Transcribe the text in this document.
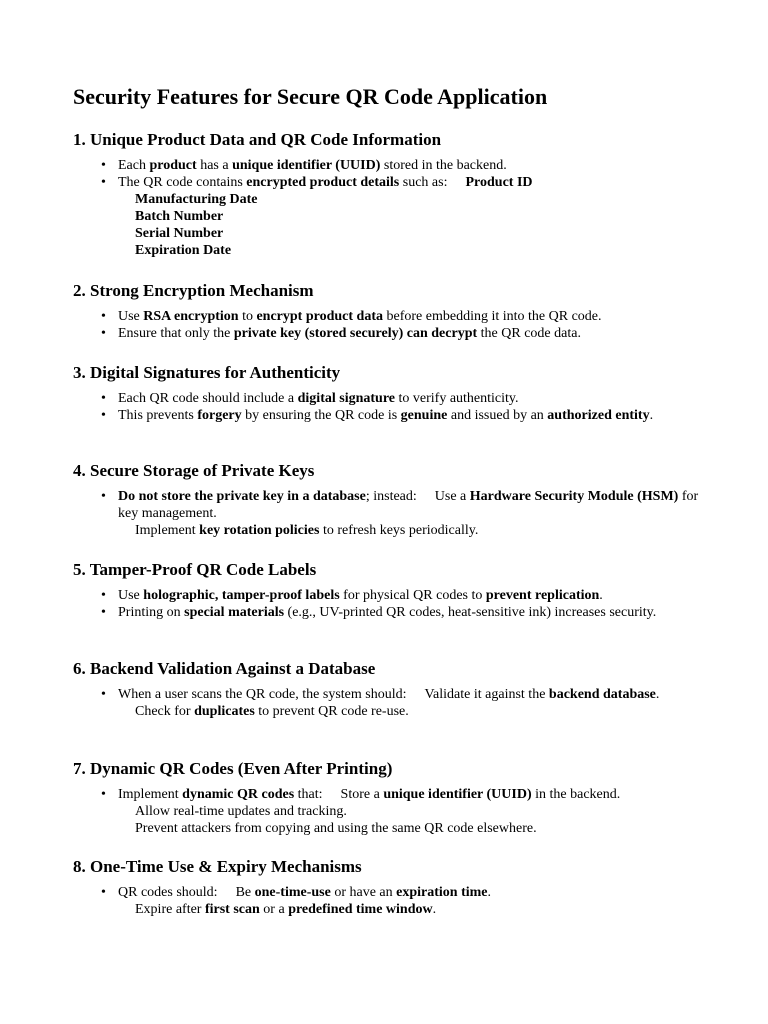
Security Features for Secure QR Code Application
1. Unique Product Data and QR Code Information
• Each product has a unique identifier (UUID) stored in the backend.
• The QR code contains encrypted product details such as: Product ID
Manufacturing Date
Batch Number
Serial Number
Expiration Date
2. Strong Encryption Mechanism
• Use RSA encryption to encrypt product data before embedding it into the QR code.
• Ensure that only the private key (stored securely) can decrypt the QR code data.
3. Digital Signatures for Authenticity
• Each QR code should include a digital signature to verify authenticity.
• This prevents forgery by ensuring the QR code is genuine and issued by an authorized entity.
4. Secure Storage of Private Keys
• Do not store the private key in a database; instead: Use a Hardware Security Module (HSM) for key management.
Implement key rotation policies to refresh keys periodically.
5. Tamper-Proof QR Code Labels
• Use holographic, tamper-proof labels for physical QR codes to prevent replication.
• Printing on special materials (e.g., UV-printed QR codes, heat-sensitive ink) increases security.
6. Backend Validation Against a Database
• When a user scans the QR code, the system should: Validate it against the backend database.
Check for duplicates to prevent QR code re-use.
7. Dynamic QR Codes (Even After Printing)
• Implement dynamic QR codes that: Store a unique identifier (UUID) in the backend.
Allow real-time updates and tracking.
Prevent attackers from copying and using the same QR code elsewhere.
8. One-Time Use & Expiry Mechanisms
• QR codes should: Be one-time-use or have an expiration time.
Expire after first scan or a predefined time window.
